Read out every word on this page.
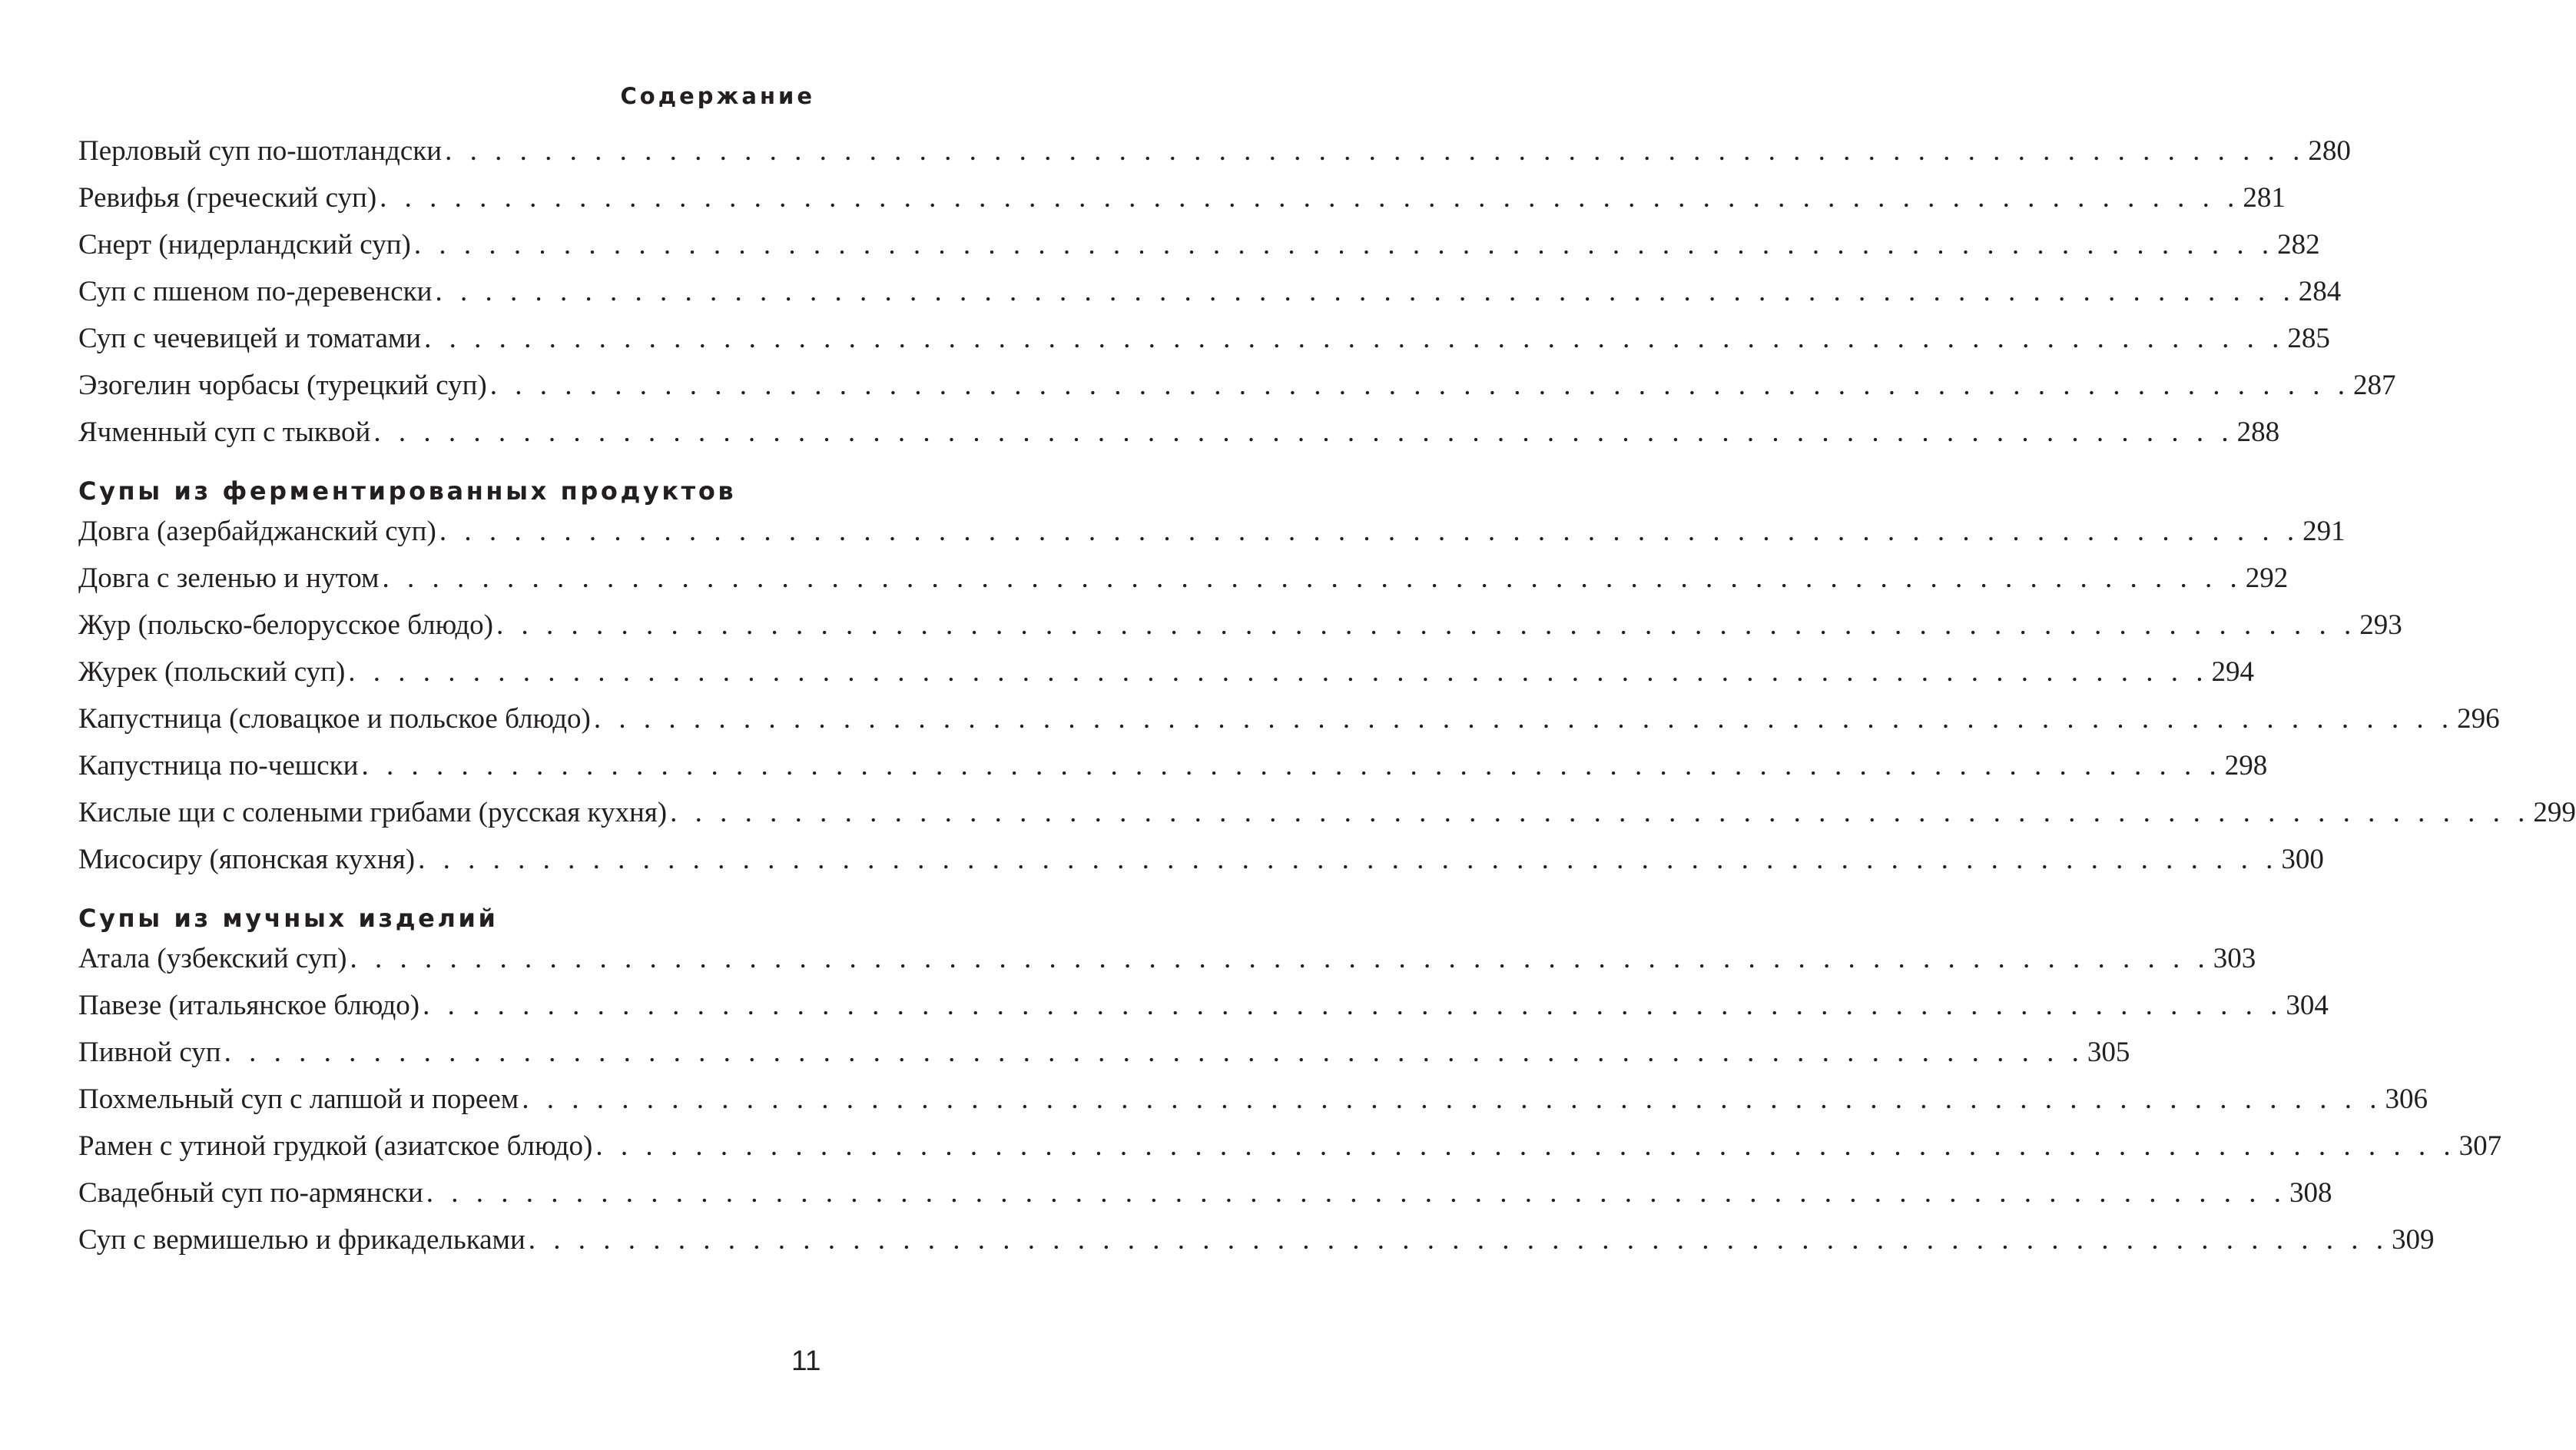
Содержание
Перловый суп по-шотландски . . . . . . . . . . . . . . . . . . . . . . . . . . . . . . . . . . . . . . . . . . . . . . . . . . . . . . . . . . . . . . . . . . . . . . . . . . . 280
Ревифья (греческий суп) . . . . . . . . . . . . . . . . . . . . . . . . . . . . . . . . . . . . . . . . . . . . . . . . . . . . . . . . . . . . . . . . . . . . . . . . . . . 281
Снерт (нидерландский суп) . . . . . . . . . . . . . . . . . . . . . . . . . . . . . . . . . . . . . . . . . . . . . . . . . . . . . . . . . . . . . . . . . . . . . . . . . . . 282
Суп с пшеном по-деревенски . . . . . . . . . . . . . . . . . . . . . . . . . . . . . . . . . . . . . . . . . . . . . . . . . . . . . . . . . . . . . . . . . . . . . . . . . . . 284
Суп с чечевицей и томатами . . . . . . . . . . . . . . . . . . . . . . . . . . . . . . . . . . . . . . . . . . . . . . . . . . . . . . . . . . . . . . . . . . . . . . . . . . . 285
Эзогелин чорбасы (турецкий суп) . . . . . . . . . . . . . . . . . . . . . . . . . . . . . . . . . . . . . . . . . . . . . . . . . . . . . . . . . . . . . . . . . . . . . . . . . . . 287
Ячменный суп с тыквой . . . . . . . . . . . . . . . . . . . . . . . . . . . . . . . . . . . . . . . . . . . . . . . . . . . . . . . . . . . . . . . . . . . . . . . . . . . 288
Супы из ферментированных продуктов
Довга (азербайджанский суп) . . . . . . . . . . . . . . . . . . . . . . . . . . . . . . . . . . . . . . . . . . . . . . . . . . . . . . . . . . . . . . . . . . . . . . . . . . . 291
Довга с зеленью и нутом . . . . . . . . . . . . . . . . . . . . . . . . . . . . . . . . . . . . . . . . . . . . . . . . . . . . . . . . . . . . . . . . . . . . . . . . . . . 292
Жур (польско-белорусское блюдо) . . . . . . . . . . . . . . . . . . . . . . . . . . . . . . . . . . . . . . . . . . . . . . . . . . . . . . . . . . . . . . . . . . . . . . . . . . . 293
Журек (польский суп) . . . . . . . . . . . . . . . . . . . . . . . . . . . . . . . . . . . . . . . . . . . . . . . . . . . . . . . . . . . . . . . . . . . . . . . . . . . 294
Капустница (словацкое и польское блюдо) . . . . . . . . . . . . . . . . . . . . . . . . . . . . . . . . . . . . . . . . . . . . . . . . . . . . . . . . . . . . . . . . . . . . . . . . . . . 296
Капустница по-чешски . . . . . . . . . . . . . . . . . . . . . . . . . . . . . . . . . . . . . . . . . . . . . . . . . . . . . . . . . . . . . . . . . . . . . . . . . . . 298
Кислые щи с солеными грибами (русская кухня) . . . . . . . . . . . . . . . . . . . . . . . . . . . . . . . . . . . . . . . . . . . . . . . . . . . . . . . . . . . . . . . . . . . . . . . . . . . 299
Мисосиру (японская кухня) . . . . . . . . . . . . . . . . . . . . . . . . . . . . . . . . . . . . . . . . . . . . . . . . . . . . . . . . . . . . . . . . . . . . . . . . . . . 300
Супы из мучных изделий
Атала (узбекский суп) . . . . . . . . . . . . . . . . . . . . . . . . . . . . . . . . . . . . . . . . . . . . . . . . . . . . . . . . . . . . . . . . . . . . . . . . . . . 303
Павезе (итальянское блюдо) . . . . . . . . . . . . . . . . . . . . . . . . . . . . . . . . . . . . . . . . . . . . . . . . . . . . . . . . . . . . . . . . . . . . . . . . . . . 304
Пивной суп . . . . . . . . . . . . . . . . . . . . . . . . . . . . . . . . . . . . . . . . . . . . . . . . . . . . . . . . . . . . . . . . . . . . . . . . . . . 305
Похмельный суп с лапшой и пореем . . . . . . . . . . . . . . . . . . . . . . . . . . . . . . . . . . . . . . . . . . . . . . . . . . . . . . . . . . . . . . . . . . . . . . . . . . . 306
Рамен с утиной грудкой (азиатское блюдо) . . . . . . . . . . . . . . . . . . . . . . . . . . . . . . . . . . . . . . . . . . . . . . . . . . . . . . . . . . . . . . . . . . . . . . . . . . . 307
Свадебный суп по-армянски . . . . . . . . . . . . . . . . . . . . . . . . . . . . . . . . . . . . . . . . . . . . . . . . . . . . . . . . . . . . . . . . . . . . . . . . . . . 308
Суп с вермишелью и фрикадельками . . . . . . . . . . . . . . . . . . . . . . . . . . . . . . . . . . . . . . . . . . . . . . . . . . . . . . . . . . . . . . . . . . . . . . . . . . . 309
11
